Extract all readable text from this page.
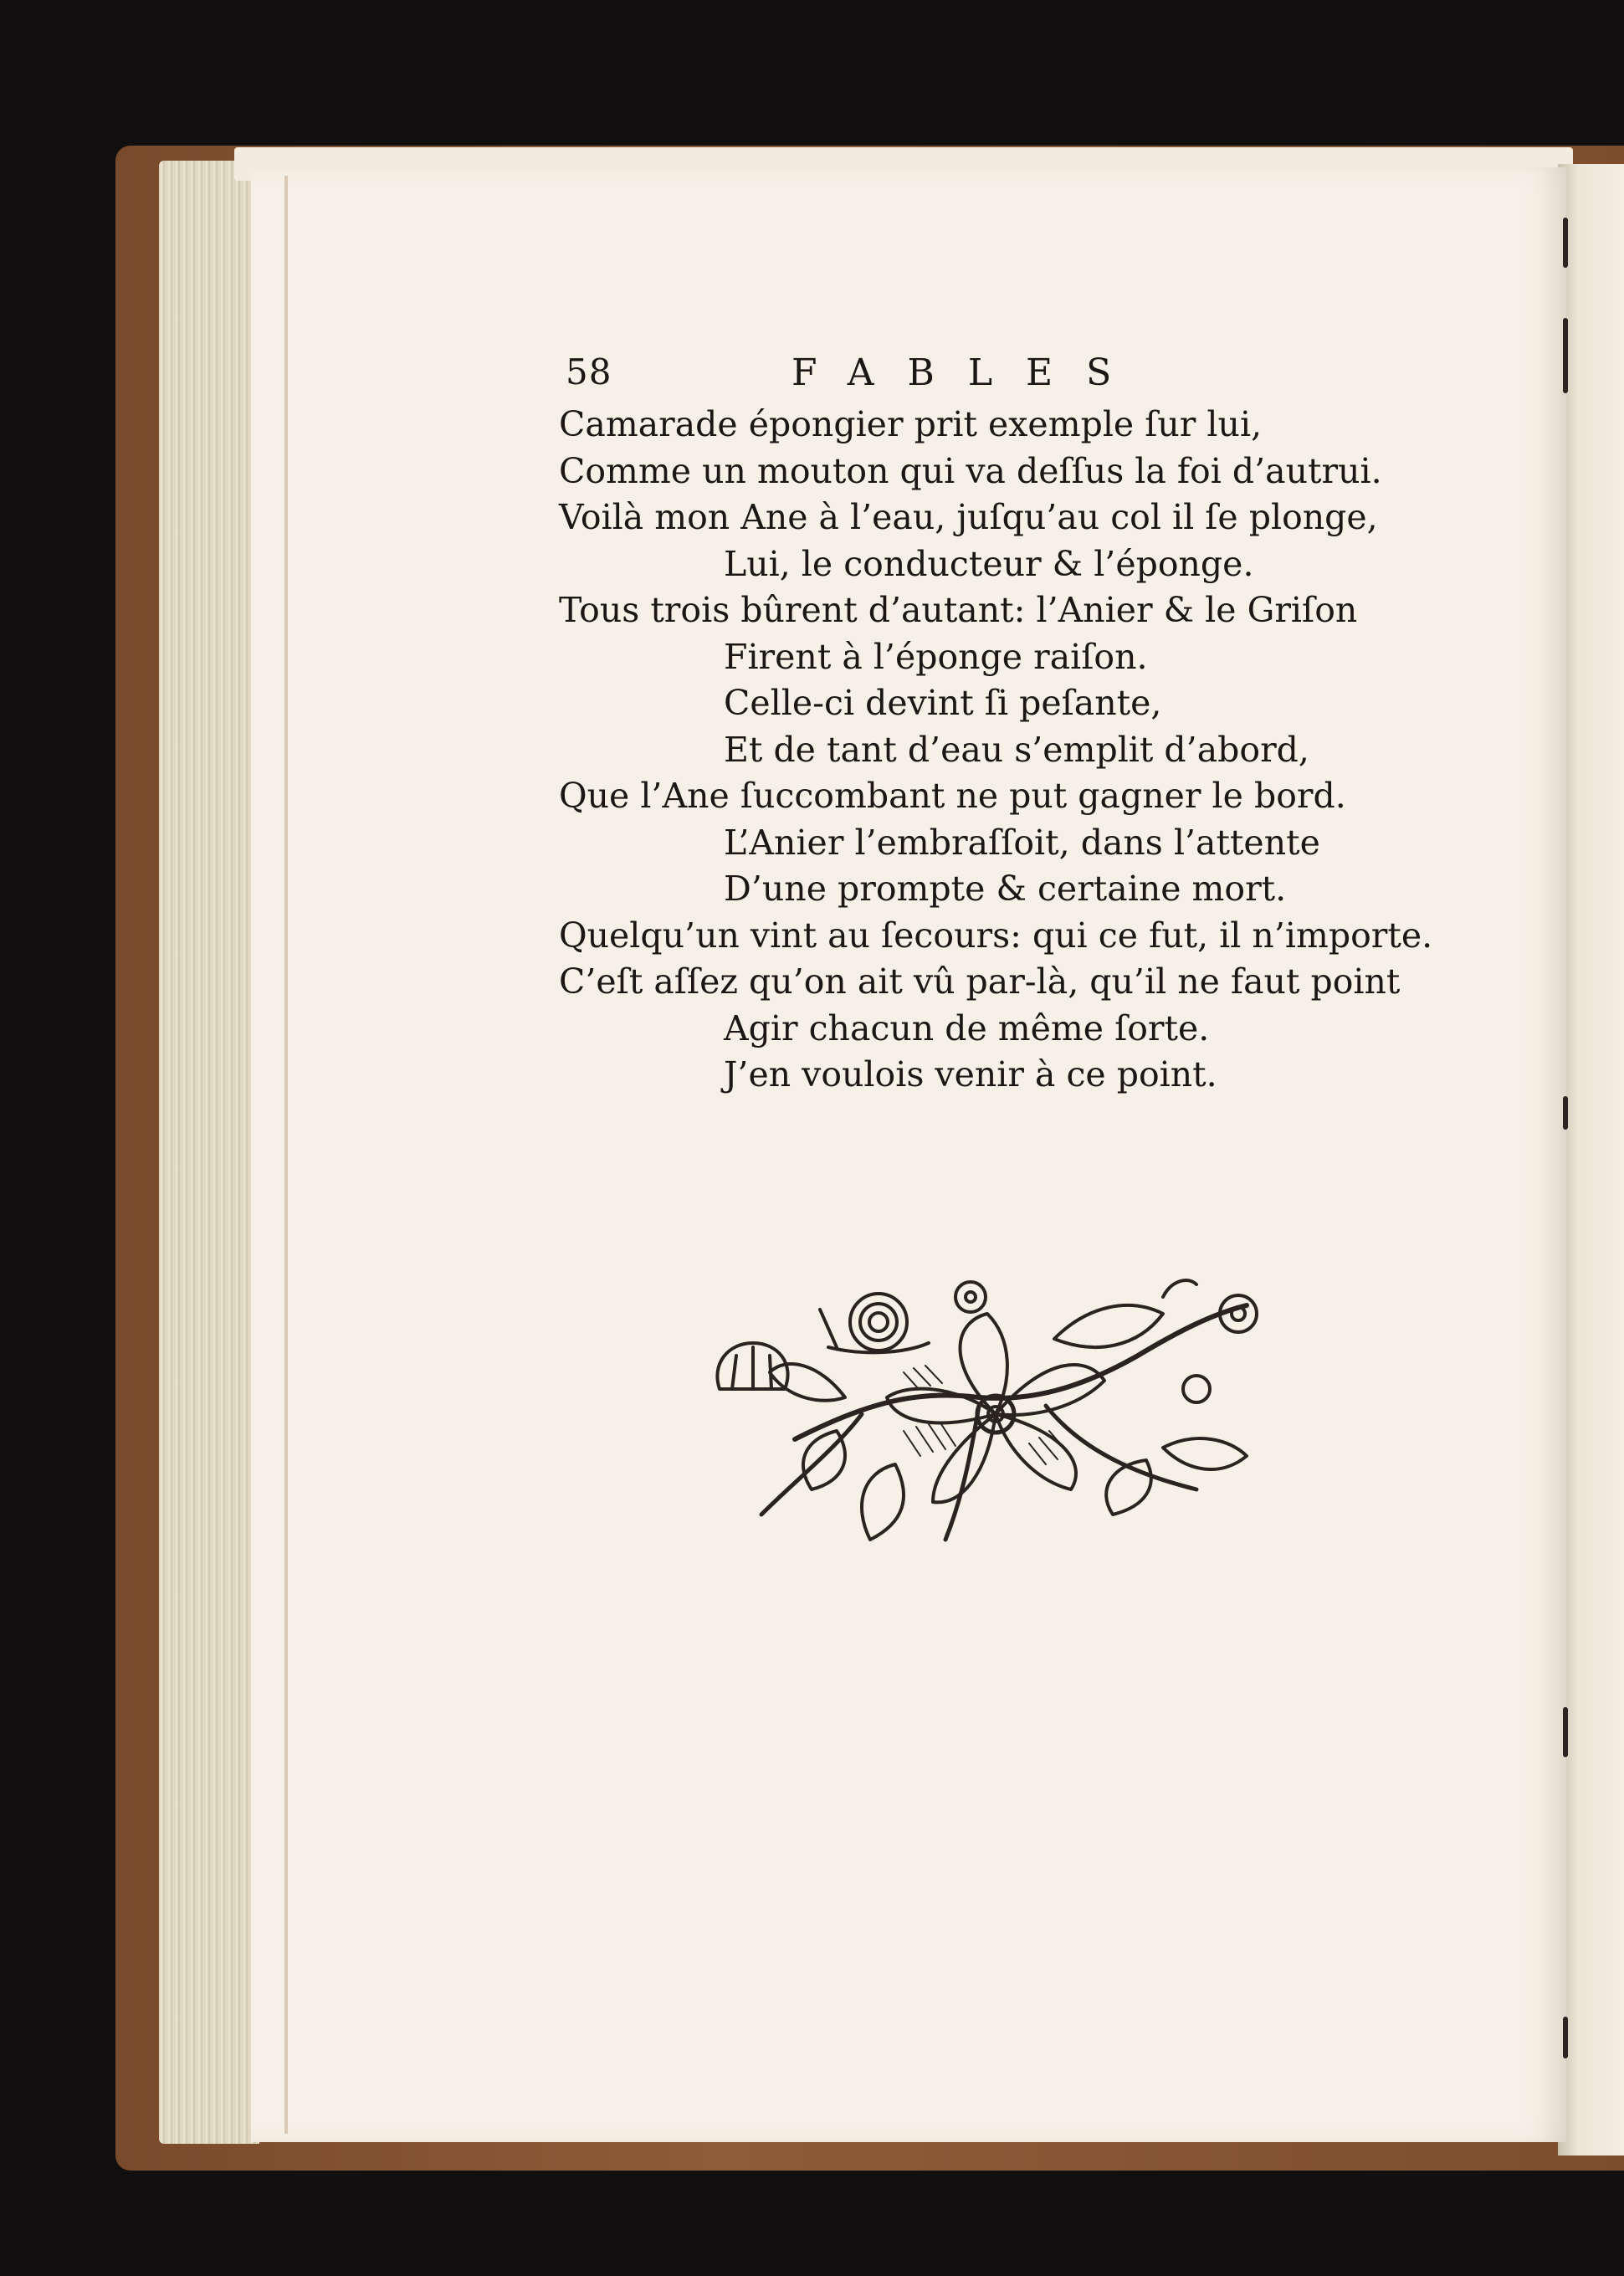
58	FABLES
Camarade épongier prit exemple ſur lui,
Comme un mouton qui va deſſus la foi d’autrui.
Voilà mon Ane à l’eau, juſqu’au col il ſe plonge,
Lui, le conducteur & l’éponge.
Tous trois bûrent d’autant: l’Anier & le Griſon
Firent à l’éponge raiſon.
Celle-ci devint ſi peſante,
Et de tant d’eau s’emplit d’abord,
Que l’Ane ſuccombant ne put gagner le bord.
L’Anier l’embraſſoit, dans l’attente
D’une prompte & certaine mort.
Quelqu’un vint au ſecours: qui ce fut, il n’importe.
C’eſt aſſez qu’on ait vû par-là, qu’il ne faut point
Agir chacun de même ſorte.
J’en voulois venir à ce point.
